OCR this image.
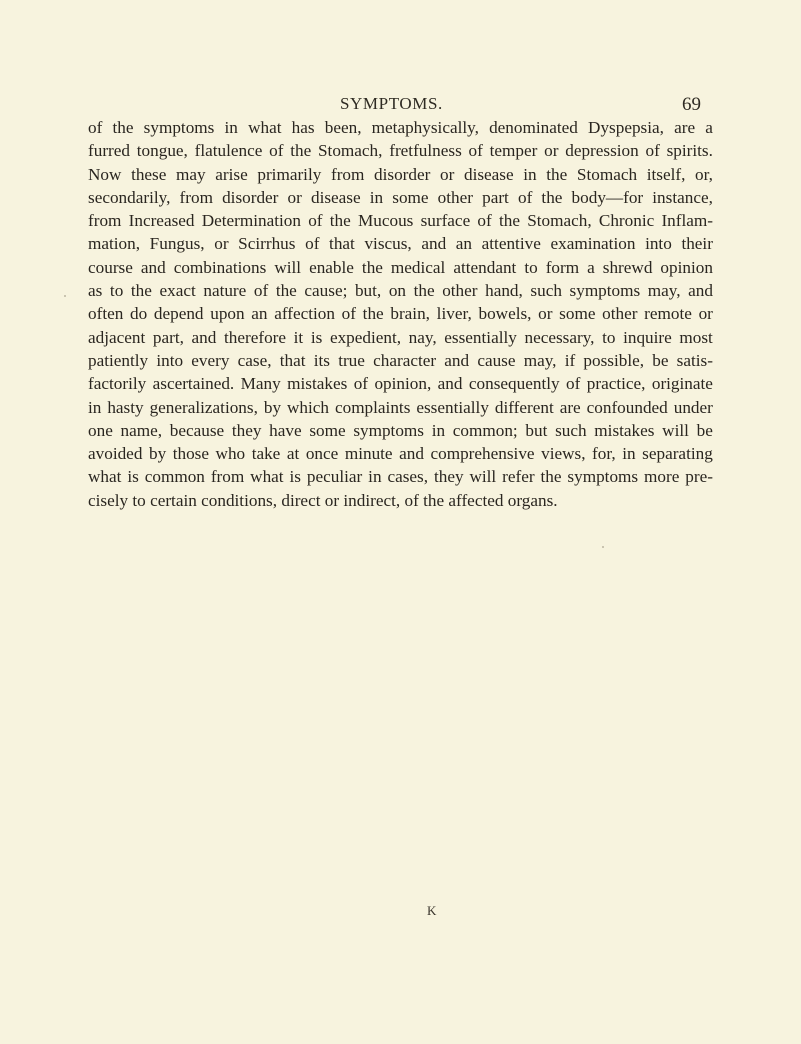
SYMPTOMS.	69
of the symptoms in what has been, metaphysically, denominated Dyspepsia, are a
furred tongue, flatulence of the Stomach, fretfulness of temper or depression of spirits.
Now these may arise primarily from disorder or disease in the Stomach itself, or,
secondarily, from disorder or disease in some other part of the body—for instance,
from Increased Determination of the Mucous surface of the Stomach, Chronic Inflam-
mation, Fungus, or Scirrhus of that viscus, and an attentive examination into their
course and combinations will enable the medical attendant to form a shrewd opinion
as to the exact nature of the cause; but, on the other hand, such symptoms may, and
often do depend upon an affection of the brain, liver, bowels, or some other remote or
adjacent part, and therefore it is expedient, nay, essentially necessary, to inquire most
patiently into every case, that its true character and cause may, if possible, be satis-
factorily ascertained. Many mistakes of opinion, and consequently of practice, originate
in hasty generalizations, by which complaints essentially different are confounded under
one name, because they have some symptoms in common; but such mistakes will be
avoided by those who take at once minute and comprehensive views, for, in separating
what is common from what is peculiar in cases, they will refer the symptoms more pre-
cisely
to
certain
conditions,
direct
or
indirect,
of
the
affected
organs.
K
